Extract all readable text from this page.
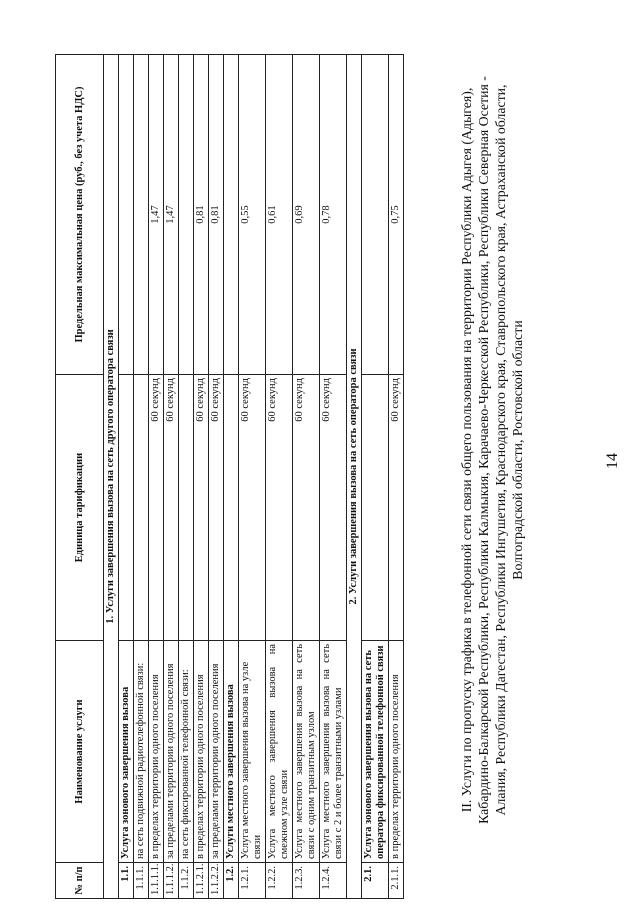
14
II. Услуги по пропуску трафика в телефонной сети связи общего пользования на территории Республики Адыгея (Адыгея), Кабардино-Балкарской Республики, Республики Калмыкия, Карачаево-Черкесской Республики, Республики Северная Осетия - Алания, Республики Дагестан, Республики Ингушетия, Краснодарского края, Ставропольского края, Астраханской области, Волгоградской области, Ростовской области
№ п/п	Наименование услуги	Единица тарификации	Предельная максимальная цена (руб., без учета НДС)
1. Услуги завершения вызова на сеть другого оператора связи			
1.1.	Услуга зонового завершения вызова		
1.1.1.	на сеть подвижной радиотелефонной связи:		
1.1.1.1.	в пределах территории одного поселения	60 секунд	1,47
1.1.1.2.	за пределами территории одного поселения	60 секунд	1,47
1.1.2.	на сеть фиксированной телефонной связи:		
1.1.2.1.	в пределах территории одного поселения	60 секунд	0,81
1.1.2.2.	за пределами территории одного поселения	60 секунд	0,81
1.2.	Услуги местного завершения вызова		
1.2.1.	Услуга местного завершения вызова на узле связи	60 секунд	0,55
1.2.2.	Услуга местного завершения вызова на смежном узле связи	60 секунд	0,61
1.2.3.	Услуга местного завершения вызова на сеть связи с одним транзитным узлом	60 секунд	0,69
1.2.4.	Услуга местного завершения вызова на сеть связи с 2 и более транзитными узлами	60 секунд	0,78
2. Услуги завершения вызова на сеть оператора связи			
2.1.	Услуга зонового завершения вызова на сеть оператора фиксированной телефонной связи		
2.1.1.	в пределах территории одного поселения	60 секунд	0,75
